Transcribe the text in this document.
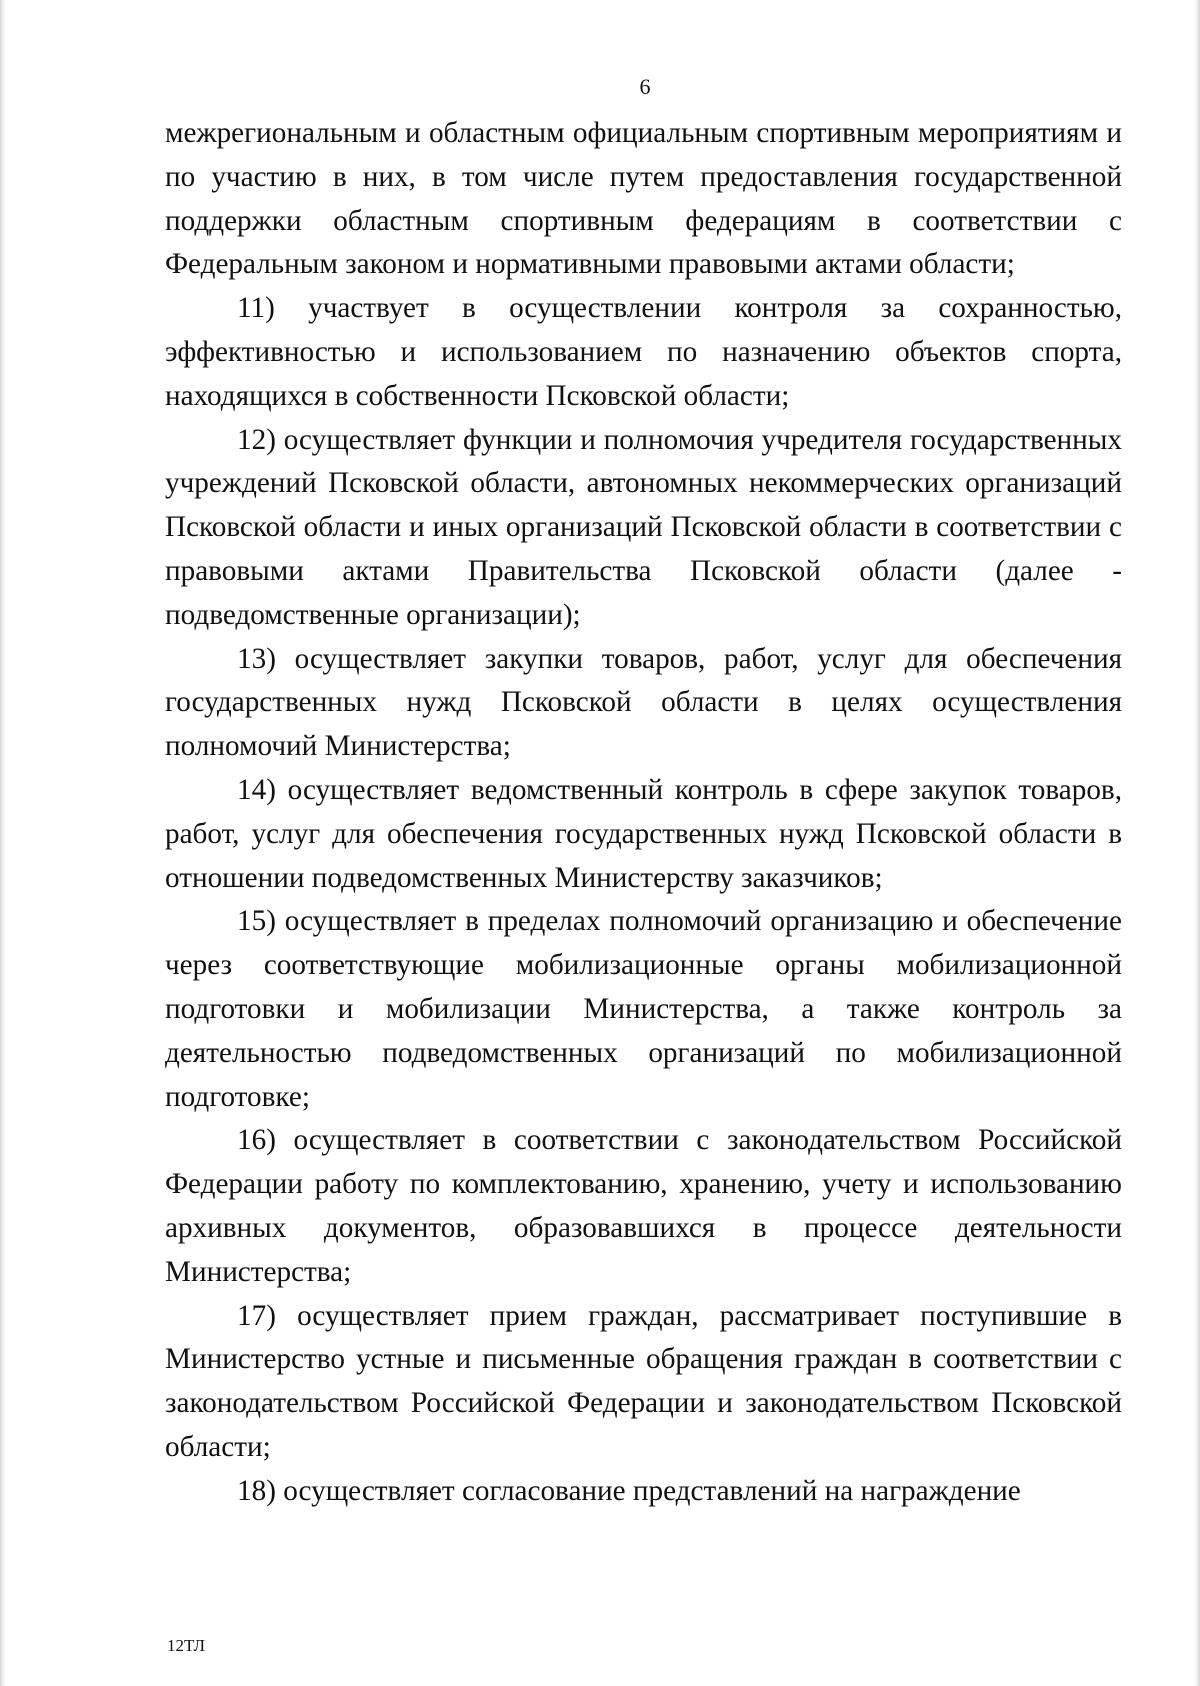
6

межрегиональным и областным официальным спортивным мероприятиям и по участию в них, в том числе путем предоставления государственной поддержки областным спортивным федерациям в соответствии с Федеральным законом и нормативными правовыми актами области;

11) участвует в осуществлении контроля за сохранностью, эффективностью и использованием по назначению объектов спорта, находящихся в собственности Псковской области;

12) осуществляет функции и полномочия учредителя государственных учреждений Псковской области, автономных некоммерческих организаций Псковской области и иных организаций Псковской области в соответствии с правовыми актами Правительства Псковской области (далее - подведомственные организации);

13) осуществляет закупки товаров, работ, услуг для обеспечения государственных нужд Псковской области в целях осуществления полномочий Министерства;

14) осуществляет ведомственный контроль в сфере закупок товаров, работ, услуг для обеспечения государственных нужд Псковской области в отношении подведомственных Министерству заказчиков;

15) осуществляет в пределах полномочий организацию и обеспечение через соответствующие мобилизационные органы мобилизационной подготовки и мобилизации Министерства, а также контроль за деятельностью подведомственных организаций по мобилизационной подготовке;

16) осуществляет в соответствии с законодательством Российской Федерации работу по комплектованию, хранению, учету и использованию архивных документов, образовавшихся в процессе деятельности Министерства;

17) осуществляет прием граждан, рассматривает поступившие в Министерство устные и письменные обращения граждан в соответствии с законодательством Российской Федерации и законодательством Псковской области;

18) осуществляет согласование представлений на награждение

12ТЛ
